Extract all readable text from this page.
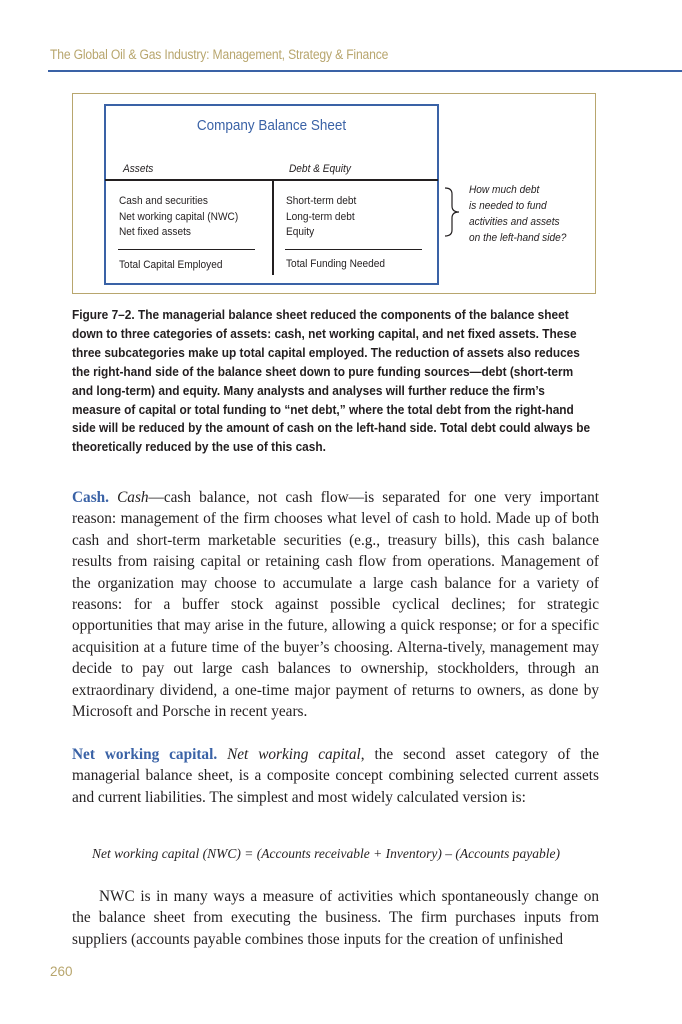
The Global Oil & Gas Industry: Management, Strategy & Finance
Company Balance Sheet
Assets	Debt & Equity
Cash and securities
Net working capital (NWC)
Net fixed assets
Short-term debt
Long-term debt
Equity
Total Capital Employed	Total Funding Needed
How much debt
is needed to fund
activities and assets
on the left-hand side?

Figure 7–2. The managerial balance sheet reduced the components of the balance sheet down to three categories of assets: cash, net working capital, and net fixed assets. These three subcategories make up total capital employed. The reduction of assets also reduces the right-hand side of the balance sheet down to pure funding sources—debt (short-term and long-term) and equity. Many analysts and analyses will further reduce the firm’s measure of capital or total funding to “net debt,” where the total debt from the right-hand side will be reduced by the amount of cash on the left-hand side. Total debt could always be theoretically reduced by the use of this cash.

Cash. Cash—cash balance, not cash flow—is separated for one very important reason: management of the firm chooses what level of cash to hold. Made up of both cash and short-term marketable securities (e.g., treasury bills), this cash balance results from raising capital or retaining cash flow from operations. Management of the organization may choose to accumulate a large cash balance for a variety of reasons: for a buffer stock against possible cyclical declines; for strategic opportunities that may arise in the future, allowing a quick response; or for a specific acquisition at a future time of the buyer’s choosing. Alterna-tively, management may decide to pay out large cash balances to ownership, stockholders, through an extraordinary dividend, a one-time major payment of returns to owners, as done by Microsoft and Porsche in recent years.

Net working capital. Net working capital, the second asset category of the managerial balance sheet, is a composite concept combining selected current assets and current liabilities. The simplest and most widely calculated version is:

Net working capital (NWC) = (Accounts receivable + Inventory) – (Accounts payable)

NWC is in many ways a measure of activities which spontaneously change on the balance sheet from executing the business. The firm purchases inputs from suppliers (accounts payable combines those inputs for the creation of unfinished

260
